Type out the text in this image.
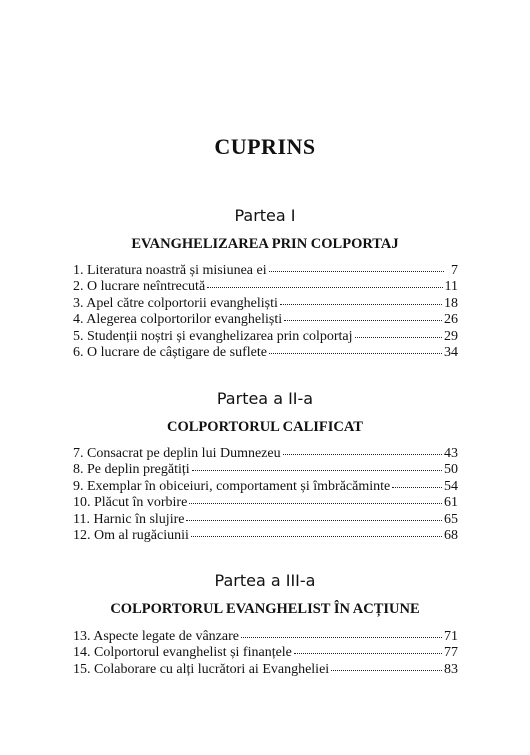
CUPRINS
Partea I
EVANGHELIZAREA PRIN COLPORTAJ
1. Literatura noastră și misiunea ei	7
2. O lucrare neîntrecută	11
3. Apel către colportorii evangheliști	18
4. Alegerea colportorilor evangheliști	26
5. Studenții noștri și evanghelizarea prin colportaj	29
6. O lucrare de câștigare de suflete	34
Partea a II-a
COLPORTORUL CALIFICAT
7. Consacrat pe deplin lui Dumnezeu	43
8. Pe deplin pregătiți	50
9. Exemplar în obiceiuri, comportament și îmbrăcăminte	54
10. Plăcut în vorbire	61
11. Harnic în slujire	65
12. Om al rugăciunii	68
Partea a III-a
COLPORTORUL EVANGHELIST ÎN ACȚIUNE
13. Aspecte legate de vânzare	71
14. Colportorul evanghelist și finanțele	77
15. Colaborare cu alți lucrători ai Evangheliei	83
